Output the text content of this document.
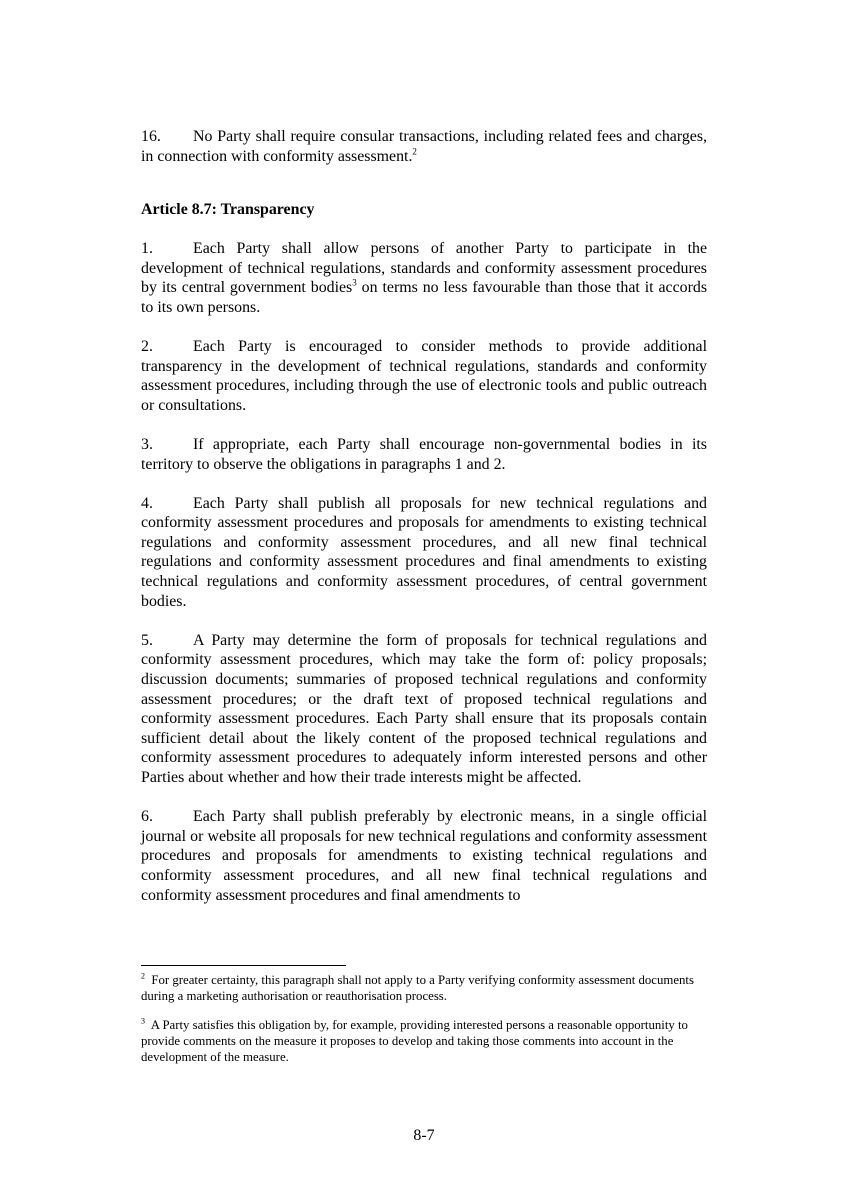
16. No Party shall require consular transactions, including related fees and charges, in connection with conformity assessment.$^2$

Article 8.7: Transparency

1.	Each Party shall allow persons of another Party to participate in the development of technical regulations, standards and conformity assessment procedures by its central government bodies$^3$ on terms no less favourable than those that it accords to its own persons.

2.	Each Party is encouraged to consider methods to provide additional transparency in the development of technical regulations, standards and conformity assessment procedures, including through the use of electronic tools and public outreach or consultations.

3.	If appropriate, each Party shall encourage non-governmental bodies in its territory to observe the obligations in paragraphs 1 and 2.

4.	Each Party shall publish all proposals for new technical regulations and conformity assessment procedures and proposals for amendments to existing technical regulations and conformity assessment procedures, and all new final technical regulations and conformity assessment procedures and final amendments to existing technical regulations and conformity assessment procedures, of central government bodies.

5.	A Party may determine the form of proposals for technical regulations and conformity assessment procedures, which may take the form of: policy proposals; discussion documents; summaries of proposed technical regulations and conformity assessment procedures; or the draft text of proposed technical regulations and conformity assessment procedures. Each Party shall ensure that its proposals contain sufficient detail about the likely content of the proposed technical regulations and conformity assessment procedures to adequately inform interested persons and other Parties about whether and how their trade interests might be affected.

6.	Each Party shall publish preferably by electronic means, in a single official journal or website all proposals for new technical regulations and conformity assessment procedures and proposals for amendments to existing technical regulations and conformity assessment procedures, and all new final technical regulations and conformity assessment procedures and final amendments to

$^2$ For greater certainty, this paragraph shall not apply to a Party verifying conformity assessment documents during a marketing authorisation or reauthorisation process.

$^3$ A Party satisfies this obligation by, for example, providing interested persons a reasonable opportunity to provide comments on the measure it proposes to develop and taking those comments into account in the development of the measure.

8-7
